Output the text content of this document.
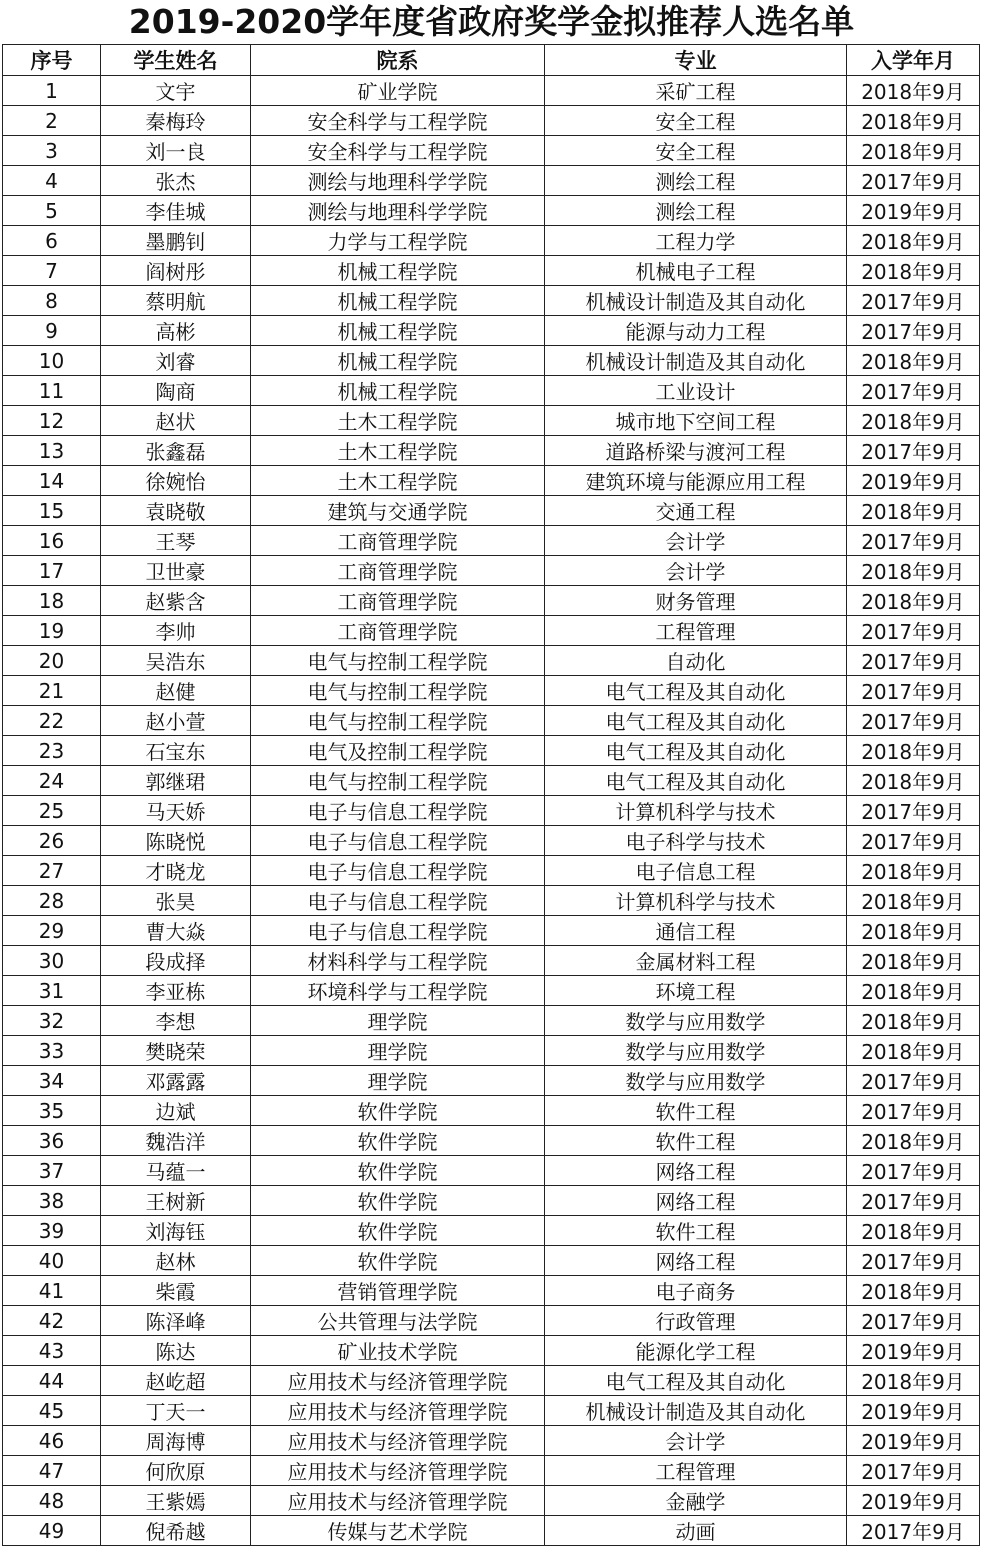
2019-2020学年度省政府奖学金拟推荐人选名单
序号	学生姓名	院系	专业	入学年月
1	文宇	矿业学院	采矿工程	2018年9月
2	秦梅玲	安全科学与工程学院	安全工程	2018年9月
3	刘一良	安全科学与工程学院	安全工程	2018年9月
4	张杰	测绘与地理科学学院	测绘工程	2017年9月
5	李佳城	测绘与地理科学学院	测绘工程	2019年9月
6	墨鹏钊	力学与工程学院	工程力学	2018年9月
7	阎树彤	机械工程学院	机械电子工程	2018年9月
8	蔡明航	机械工程学院	机械设计制造及其自动化	2017年9月
9	高彬	机械工程学院	能源与动力工程	2017年9月
10	刘睿	机械工程学院	机械设计制造及其自动化	2018年9月
11	陶商	机械工程学院	工业设计	2017年9月
12	赵状	土木工程学院	城市地下空间工程	2018年9月
13	张鑫磊	土木工程学院	道路桥梁与渡河工程	2017年9月
14	徐婉怡	土木工程学院	建筑环境与能源应用工程	2019年9月
15	袁晓敬	建筑与交通学院	交通工程	2018年9月
16	王琴	工商管理学院	会计学	2017年9月
17	卫世豪	工商管理学院	会计学	2018年9月
18	赵紫含	工商管理学院	财务管理	2018年9月
19	李帅	工商管理学院	工程管理	2017年9月
20	吴浩东	电气与控制工程学院	自动化	2017年9月
21	赵健	电气与控制工程学院	电气工程及其自动化	2017年9月
22	赵小萱	电气与控制工程学院	电气工程及其自动化	2017年9月
23	石宝东	电气及控制工程学院	电气工程及其自动化	2018年9月
24	郭继珺	电气与控制工程学院	电气工程及其自动化	2018年9月
25	马天娇	电子与信息工程学院	计算机科学与技术	2017年9月
26	陈晓悦	电子与信息工程学院	电子科学与技术	2017年9月
27	才晓龙	电子与信息工程学院	电子信息工程	2018年9月
28	张昊	电子与信息工程学院	计算机科学与技术	2018年9月
29	曹大焱	电子与信息工程学院	通信工程	2018年9月
30	段成择	材料科学与工程学院	金属材料工程	2018年9月
31	李亚栋	环境科学与工程学院	环境工程	2018年9月
32	李想	理学院	数学与应用数学	2018年9月
33	樊晓荣	理学院	数学与应用数学	2018年9月
34	邓露露	理学院	数学与应用数学	2017年9月
35	边斌	软件学院	软件工程	2017年9月
36	魏浩洋	软件学院	软件工程	2018年9月
37	马蕴一	软件学院	网络工程	2017年9月
38	王树新	软件学院	网络工程	2017年9月
39	刘海钰	软件学院	软件工程	2018年9月
40	赵林	软件学院	网络工程	2017年9月
41	柴霞	营销管理学院	电子商务	2018年9月
42	陈泽峰	公共管理与法学院	行政管理	2017年9月
43	陈达	矿业技术学院	能源化学工程	2019年9月
44	赵屹超	应用技术与经济管理学院	电气工程及其自动化	2018年9月
45	丁天一	应用技术与经济管理学院	机械设计制造及其自动化	2019年9月
46	周海博	应用技术与经济管理学院	会计学	2019年9月
47	何欣原	应用技术与经济管理学院	工程管理	2017年9月
48	王紫嫣	应用技术与经济管理学院	金融学	2019年9月
49	倪希越	传媒与艺术学院	动画	2017年9月
